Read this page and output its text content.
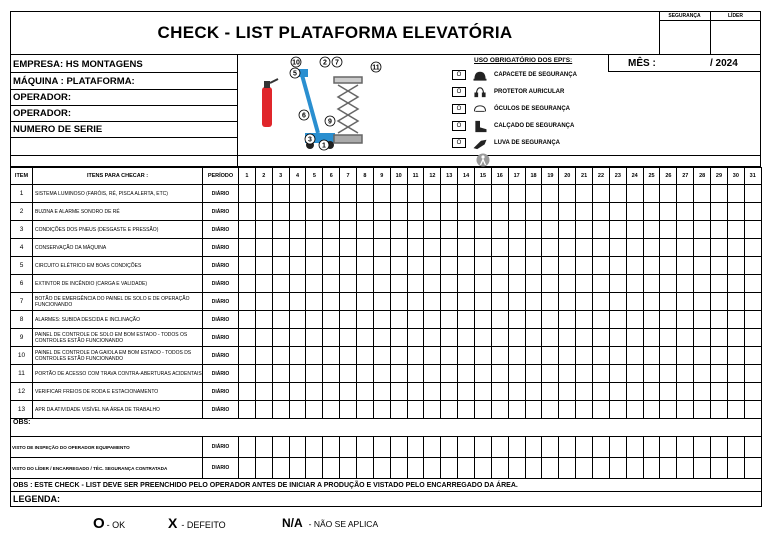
CHECK - LIST PLATAFORMA ELEVATÓRIA
SEGURANÇA	LÍDER
EMPRESA: HS MONTAGENS
MÁQUINA : PLATAFORMA:
OPERADOR:
OPERADOR:
NUMERO DE SERIE
MÊS :	/ 2024
10	2 7
11
5
6
9
3
1
USO OBRIGATÓRIO DOS EPI'S:
O	CAPACETE DE SEGURANÇA
O	PROTETOR AURICULAR
O	ÓCULOS DE SEGURANÇA
O	CALÇADO DE SEGURANÇA
O	LUVA DE SEGURANÇA
ITEM	ITENS PARA CHECAR :	PERÍODO	1	2	3	4	5	6	7	8	9	10	11	12	13	14	15	16	17	18	19	20	21	22	23	24	25	26	27	28	29	30	31
1	SISTEMA LUMINOSO (FARÓIS, RÉ, PISCA ALERTA, ETC)	DIÁRIO																															
2	BUZINA E ALARME SONORO DE RÉ	DIÁRIO																															
3	CONDIÇÕES DOS PNEUS (DESGASTE E PRESSÃO)	DIÁRIO																															
4	CONSERVAÇÃO DA MÁQUINA	DIÁRIO																															
5	CIRCUITO ELÉTRICO EM BOAS CONDIÇÕES	DIÁRIO																															
6	EXTINTOR DE INCÊNDIO (CARGA E VALIDADE)	DIÁRIO																															
7	BOTÃO DE EMERGÊNCIA DO PAINEL DE SOLO E DE OPERAÇÃO FUNCIONANDO	DIÁRIO																															
8	ALARMES: SUBIDA DESCIDA E INCLINAÇÃO	DIÁRIO																															
9	PAINEL DE CONTROLE DE SOLO EM BOM ESTADO - TODOS OS CONTROLES ESTÃO FUNCIONANDO	DIÁRIO																															
10	PAINEL DE CONTROLE DA GAIOLA EM BOM ESTADO - TODOS DS CONTROLES ESTÃO FUNCIONANDO	DIÁRIO																															
11	PORTÃO DE ACESSO COM TRAVA CONTRA-ABERTURAS ACIDENTAIS	DIÁRIO																															
12	VERIFICAR FREIOS DE RODA E ESTACIONAMENTO	DIÁRIO																															
13	APR DA ATIVIDADE VISÍVEL NA ÁREA DE TRABALHO	DIÁRIO																															
OBS:																																	
VISTO DE INSPEÇÃO DO OPERADOR EQUIPAMENTO		DIÁRIO																															
VISTO DO LÍDER / ENCARREGADO / TÉC. SEGURANÇA CONTRATADA		DIARIO																															
OBS : ESTE CHECK - LIST DEVE SER PREENCHIDO PELO OPERADOR ANTES DE INICIAR A PRODUÇÃO E VISTADO PELO ENCARREGADO DA ÁREA.																																	
LEGENDA:																																	
O - OK	X - DEFEITO	N/A - NÃO SE APLICA
